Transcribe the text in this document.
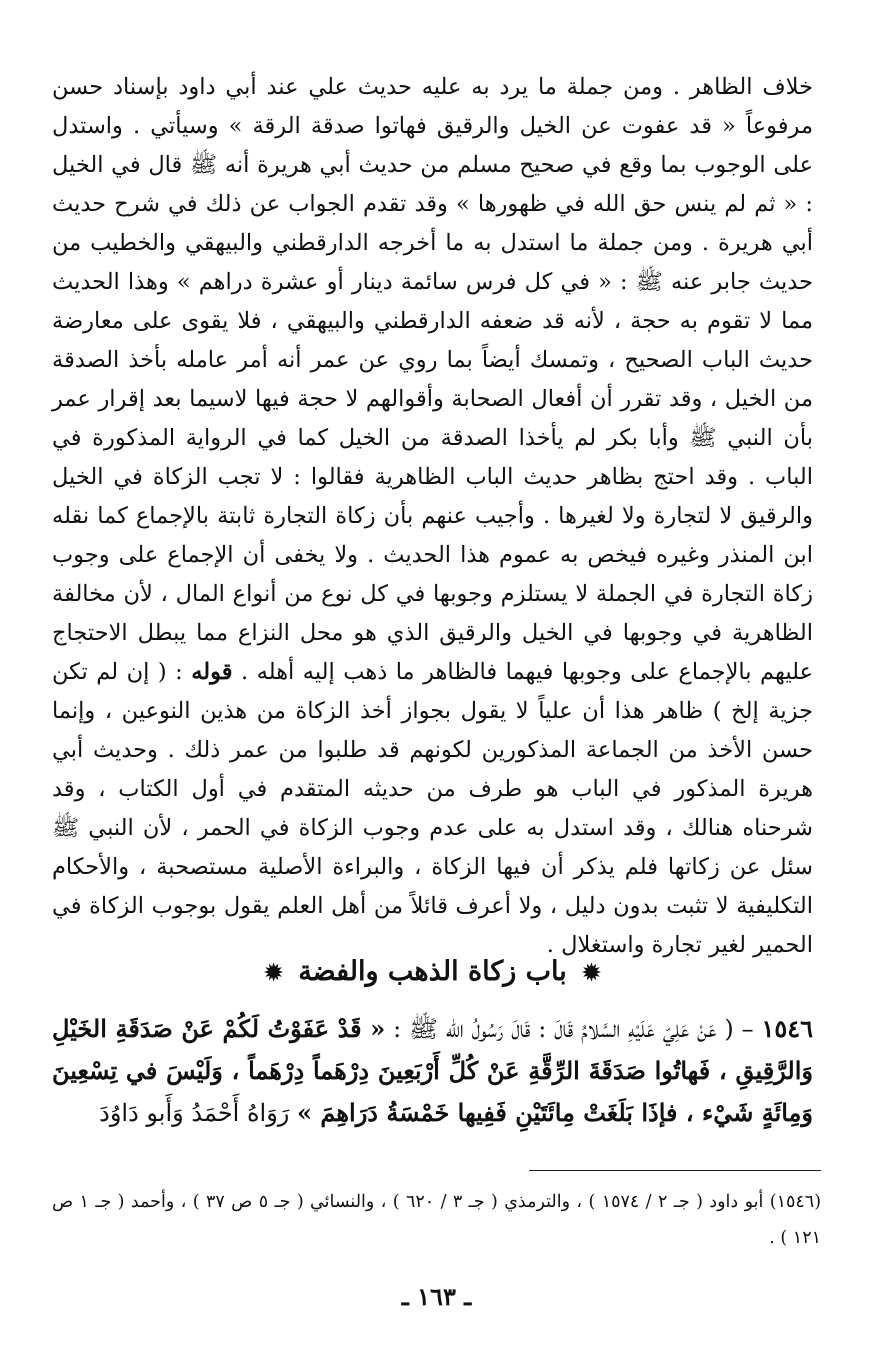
خلاف الظاهر . ومن جملة ما يرد به عليه حديث علي عند أبي داود بإسناد حسن مرفوعاً « قد عفوت عن الخيل والرقيق فهاتوا صدقة الرقة » وسيأتي . واستدل على الوجوب بما وقع في صحيح مسلم من حديث أبي هريرة أنه ﷺ قال في الخيل : « ثم لم ينس حق الله في ظهورها » وقد تقدم الجواب عن ذلك في شرح حديث أبي هريرة . ومن جملة ما استدل به ما أخرجه الدارقطني والبيهقي والخطيب من حديث جابر عنه ﷺ : « في كل فرس سائمة دينار أو عشرة دراهم » وهذا الحديث مما لا تقوم به حجة ، لأنه قد ضعفه الدارقطني والبيهقي ، فلا يقوى على معارضة حديث الباب الصحيح ، وتمسك أيضاً بما روي عن عمر أنه أمر عامله بأخذ الصدقة من الخيل ، وقد تقرر أن أفعال الصحابة وأقوالهم لا حجة فيها لاسيما بعد إقرار عمر بأن النبي ﷺ وأبا بكر لم يأخذا الصدقة من الخيل كما في الرواية المذكورة في الباب . وقد احتج بظاهر حديث الباب الظاهرية فقالوا : لا تجب الزكاة في الخيل والرقيق لا لتجارة ولا لغيرها . وأجيب عنهم بأن زكاة التجارة ثابتة بالإجماع كما نقله ابن المنذر وغيره فيخص به عموم هذا الحديث . ولا يخفى أن الإجماع على وجوب زكاة التجارة في الجملة لا يستلزم وجوبها في كل نوع من أنواع المال ، لأن مخالفة الظاهرية في وجوبها في الخيل والرقيق الذي هو محل النزاع مما يبطل الاحتجاج عليهم بالإجماع على وجوبها فيهما فالظاهر ما ذهب إليه أهله . قوله : ( إن لم تكن جزية إلخ ) ظاهر هذا أن علياً لا يقول بجواز أخذ الزكاة من هذين النوعين ، وإنما حسن الأخذ من الجماعة المذكورين لكونهم قد طلبوا من عمر ذلك . وحديث أبي هريرة المذكور في الباب هو طرف من حديثه المتقدم في أول الكتاب ، وقد شرحناه هنالك ، وقد استدل به على عدم وجوب الزكاة في الحمر ، لأن النبي ﷺ سئل عن زكاتها فلم يذكر أن فيها الزكاة ، والبراءة الأصلية مستصحبة ، والأحكام التكليفية لا تثبت بدون دليل ، ولا أعرف قائلاً من أهل العلم يقول بوجوب الزكاة في الحمير لغير تجارة واستغلال .

✹ باب زكاة الذهب والفضة ✹

١٥٤٦ – ( عَنْ عَلِيّ عَلَيْهِ السَّلامُ قَالَ : قَالَ رَسُولُ الله ﷺ : « قَدْ عَفَوْتُ لَكُمْ عَنْ صَدَقَةِ الخَيْلِ وَالرَّقِيقِ ، فَهاتُوا صَدَقَةَ الرِّقَّةِ عَنْ كُلِّ أَرْبَعِينَ دِرْهَماً دِرْهَماً ، وَلَيْسَ في تِسْعِينَ وَمِائَةٍ شَيْء ، فإذَا بَلَغَتْ مِائَتَيْنِ فَفِيها خَمْسَةُ دَرَاهِمَ » رَوَاهُ أَحْمَدُ وَأَبو دَاوُدَ

(١٥٤٦) أبو داود ( جـ ٢ / ١٥٧٤ ) ، والترمذي ( جـ ٣ / ٦٢٠ ) ، والنسائي ( جـ ٥ ص ٣٧ ) ، وأحمد ( جـ ١ ص ١٢١ ) .

ـ ١٦٣ ـ
